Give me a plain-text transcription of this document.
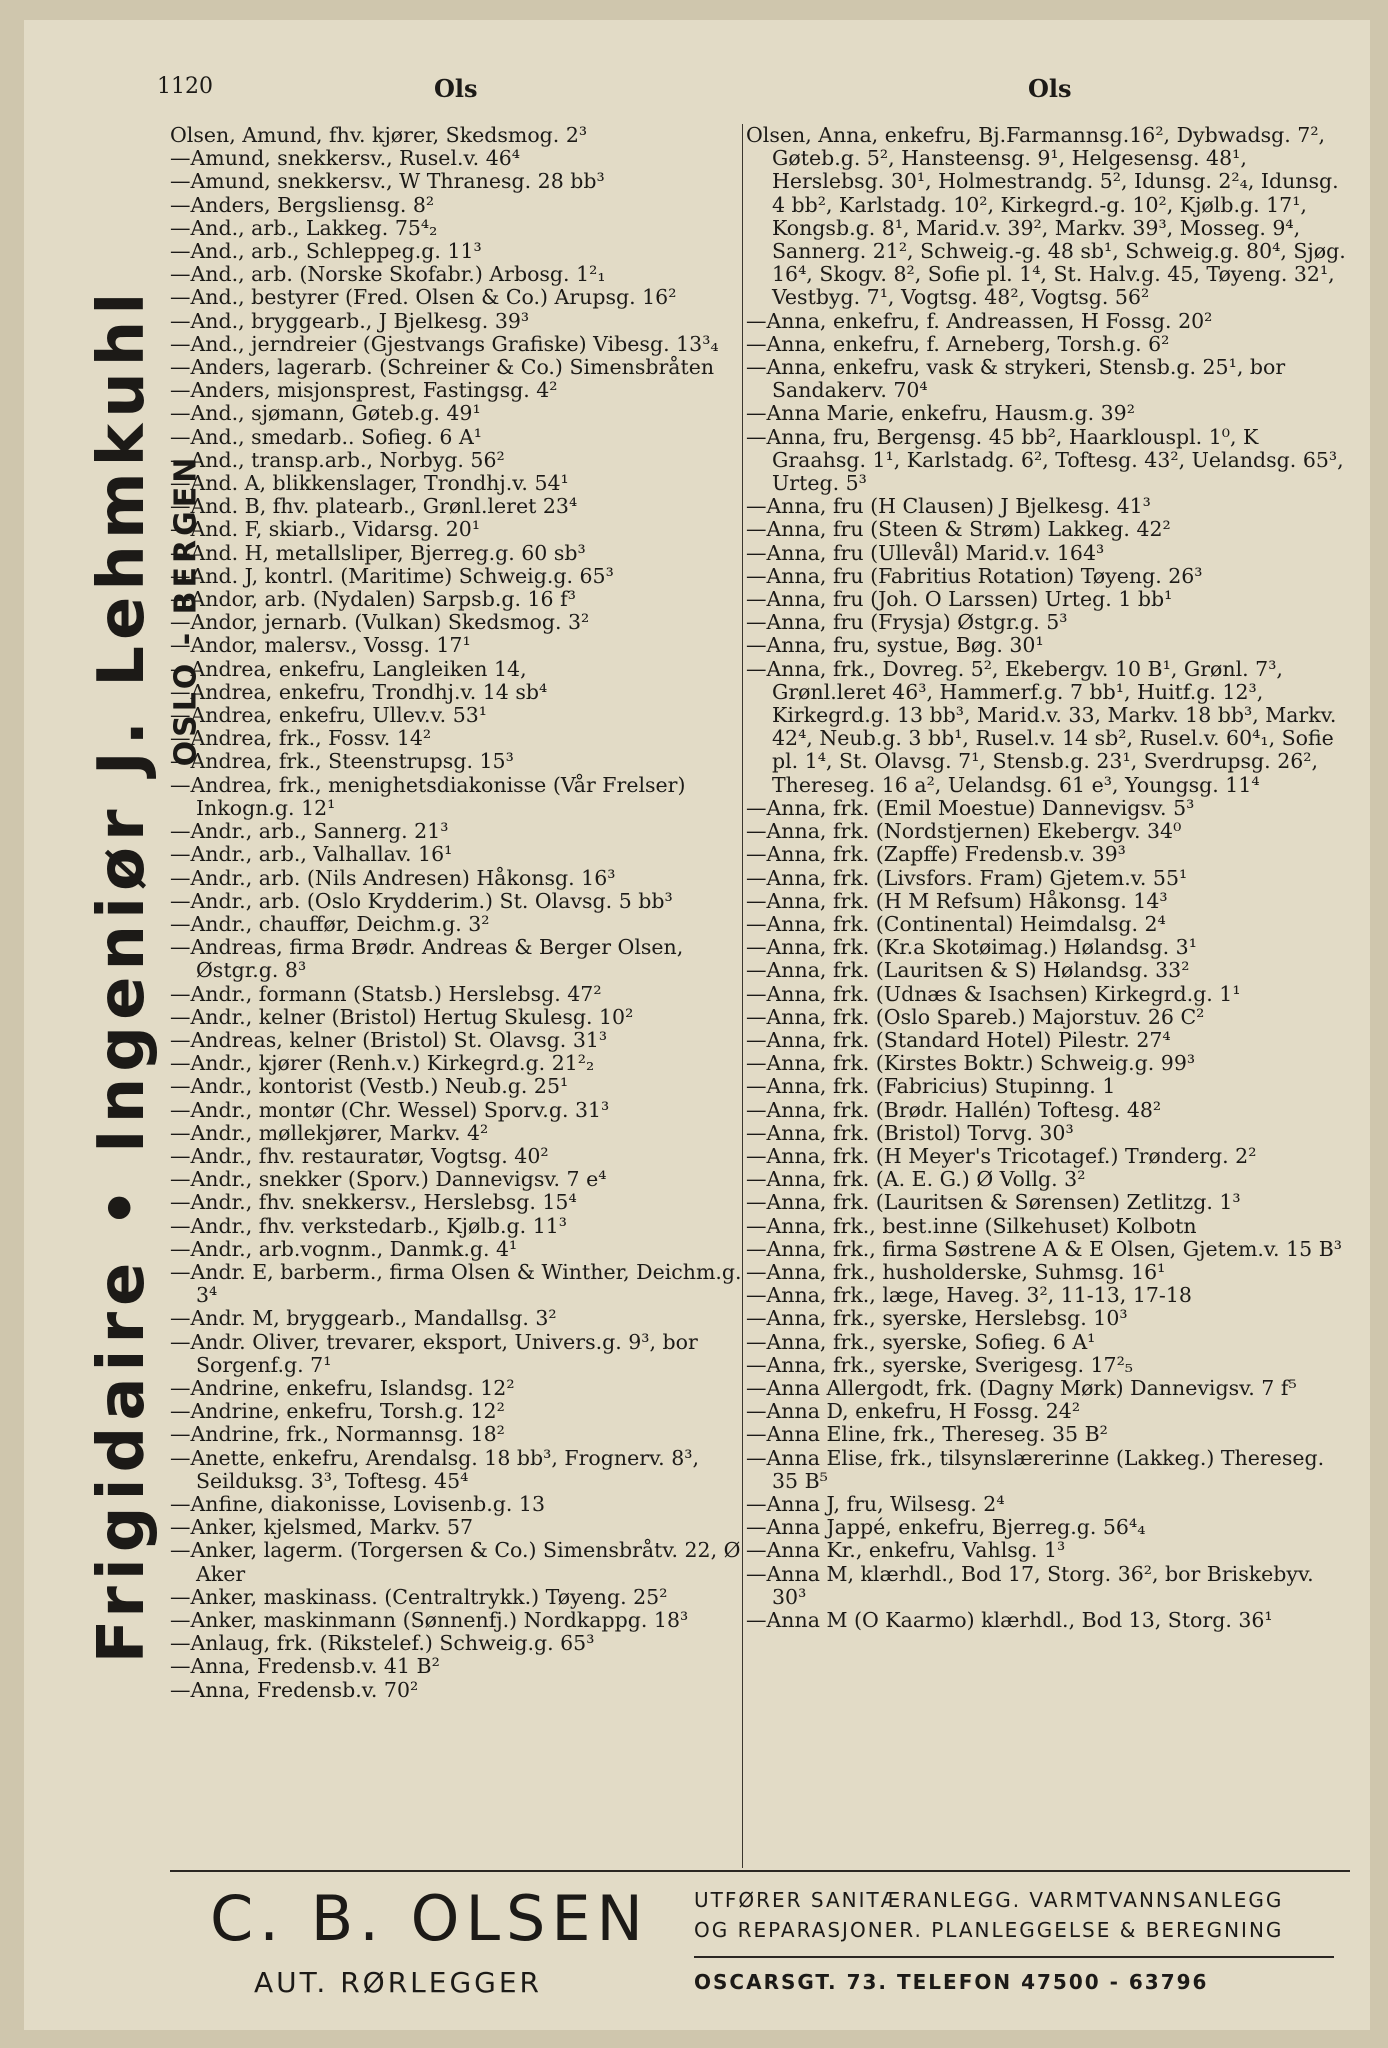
1120	Ols	Ols
Frigidaire • Ingeniør J. Lehmkuhl OSLO - BERGEN
Olsen, Amund, fhv. kjører, Skedsmog. 2³
—Amund, snekkersv., Rusel.v. 46⁴
—Amund, snekkersv., W Thranesg. 28 bb³
—Anders, Bergsliensg. 8²
—And., arb., Lakkeg. 75⁴₂
—And., arb., Schleppeg.g. 11³
—And., arb. (Norske Skofabr.) Arbosg. 1²₁
—And., bestyrer (Fred. Olsen & Co.) Arupsg. 16²
—And., bryggearb., J Bjelkesg. 39³
—And., jerndreier (Gjestvangs Grafiske) Vibesg. 13³₄
—Anders, lagerarb. (Schreiner & Co.) Simensbråten
—Anders, misjonsprest, Fastingsg. 4²
—And., sjømann, Gøteb.g. 49¹
—And., smedarb.. Sofieg. 6 A¹
—And., transp.arb., Norbyg. 56²
—And. A, blikkenslager, Trondhj.v. 54¹
—And. B, fhv. platearb., Grønl.leret 23⁴
—And. F, skiarb., Vidarsg. 20¹
—And. H, metallsliper, Bjerreg.g. 60 sb³
—And. J, kontrl. (Maritime) Schweig.g. 65³
—Andor, arb. (Nydalen) Sarpsb.g. 16 f³
—Andor, jernarb. (Vulkan) Skedsmog. 3²
—Andor, malersv., Vossg. 17¹
—Andrea, enkefru, Langleiken 14,
—Andrea, enkefru, Trondhj.v. 14 sb⁴
—Andrea, enkefru, Ullev.v. 53¹
—Andrea, frk., Fossv. 14²
—Andrea, frk., Steenstrupsg. 15³
—Andrea, frk., menighetsdiakonisse (Vår Frelser) Inkogn.g. 12¹
—Andr., arb., Sannerg. 21³
—Andr., arb., Valhallav. 16¹
—Andr., arb. (Nils Andresen) Håkonsg. 16³
—Andr., arb. (Oslo Krydderim.) St. Olavsg. 5 bb³
—Andr., chauffør, Deichm.g. 3²
—Andreas, firma Brødr. Andreas & Berger Olsen, Østgr.g. 8³
—Andr., formann (Statsb.) Herslebsg. 47²
—Andr., kelner (Bristol) Hertug Skulesg. 10²
—Andreas, kelner (Bristol) St. Olavsg. 31³
—Andr., kjører (Renh.v.) Kirkegrd.g. 21²₂
—Andr., kontorist (Vestb.) Neub.g. 25¹
—Andr., montør (Chr. Wessel) Sporv.g. 31³
—Andr., møllekjører, Markv. 4²
—Andr., fhv. restauratør, Vogtsg. 40²
—Andr., snekker (Sporv.) Dannevigsv. 7 e⁴
—Andr., fhv. snekkersv., Herslebsg. 15⁴
—Andr., fhv. verkstedarb., Kjølb.g. 11³
—Andr., arb.vognm., Danmk.g. 4¹
—Andr. E, barberm., firma Olsen & Winther, Deichm.g. 3⁴
—Andr. M, bryggearb., Mandallsg. 3²
—Andr. Oliver, trevarer, eksport, Univers.g. 9³, bor Sorgenf.g. 7¹
—Andrine, enkefru, Islandsg. 12²
—Andrine, enkefru, Torsh.g. 12²
—Andrine, frk., Normannsg. 18²
—Anette, enkefru, Arendalsg. 18 bb³, Frognerv. 8³, Seilduksg. 3³, Toftesg. 45⁴
—Anfine, diakonisse, Lovisenb.g. 13
—Anker, kjelsmed, Markv. 57
—Anker, lagerm. (Torgersen & Co.) Simensbråtv. 22, Ø Aker
—Anker, maskinass. (Centraltrykk.) Tøyeng. 25²
—Anker, maskinmann (Sønnenfj.) Nordkappg. 18³
—Anlaug, frk. (Rikstelef.) Schweig.g. 65³
—Anna, Fredensb.v. 41 B²
—Anna, Fredensb.v. 70²
Olsen, Anna, enkefru, Bj.Farmannsg.16², Dybwadsg. 7², Gøteb.g. 5², Hansteensg. 9¹, Helgesensg. 48¹, Herslebsg. 30¹, Holmestrandg. 5², Idunsg. 2²₄, Idunsg. 4 bb², Karlstadg. 10², Kirkegrd.-g. 10², Kjølb.g. 17¹, Kongsb.g. 8¹, Marid.v. 39², Markv. 39³, Mosseg. 9⁴, Sannerg. 21², Schweig.-g. 48 sb¹, Schweig.g. 80⁴, Sjøg. 16⁴, Skogv. 8², Sofie pl. 1⁴, St. Halv.g. 45, Tøyeng. 32¹, Vestbyg. 7¹, Vogtsg. 48², Vogtsg. 56²
—Anna, enkefru, f. Andreassen, H Fossg. 20²
—Anna, enkefru, f. Arneberg, Torsh.g. 6²
—Anna, enkefru, vask & strykeri, Stensb.g. 25¹, bor Sandakerv. 70⁴
—Anna Marie, enkefru, Hausm.g. 39²
—Anna, fru, Bergensg. 45 bb², Haarklouspl. 1⁰, K Graahsg. 1¹, Karlstadg. 6², Toftesg. 43², Uelandsg. 65³, Urteg. 5³
—Anna, fru (H Clausen) J Bjelkesg. 41³
—Anna, fru (Steen & Strøm) Lakkeg. 42²
—Anna, fru (Ullevål) Marid.v. 164³
—Anna, fru (Fabritius Rotation) Tøyeng. 26³
—Anna, fru (Joh. O Larssen) Urteg. 1 bb¹
—Anna, fru (Frysja) Østgr.g. 5³
—Anna, fru, systue, Bøg. 30¹
—Anna, frk., Dovreg. 5², Ekebergv. 10 B¹, Grønl. 7³, Grønl.leret 46³, Hammerf.g. 7 bb¹, Huitf.g. 12³, Kirkegrd.g. 13 bb³, Marid.v. 33, Markv. 18 bb³, Markv. 42⁴, Neub.g. 3 bb¹, Rusel.v. 14 sb², Rusel.v. 60⁴₁, Sofie pl. 1⁴, St. Olavsg. 7¹, Stensb.g. 23¹, Sverdrupsg. 26², Thereseg. 16 a², Uelandsg. 61 e³, Youngsg. 11⁴
—Anna, frk. (Emil Moestue) Dannevigsv. 5³
—Anna, frk. (Nordstjernen) Ekebergv. 34⁰
—Anna, frk. (Zapffe) Fredensb.v. 39³
—Anna, frk. (Livsfors. Fram) Gjetem.v. 55¹
—Anna, frk. (H M Refsum) Håkonsg. 14³
—Anna, frk. (Continental) Heimdalsg. 2⁴
—Anna, frk. (Kr.a Skotøimag.) Hølandsg. 3¹
—Anna, frk. (Lauritsen & S) Hølandsg. 33²
—Anna, frk. (Udnæs & Isachsen) Kirkegrd.g. 1¹
—Anna, frk. (Oslo Spareb.) Majorstuv. 26 C²
—Anna, frk. (Standard Hotel) Pilestr. 27⁴
—Anna, frk. (Kirstes Boktr.) Schweig.g. 99³
—Anna, frk. (Fabricius) Stupinng. 1
—Anna, frk. (Brødr. Hallén) Toftesg. 48²
—Anna, frk. (Bristol) Torvg. 30³
—Anna, frk. (H Meyer's Tricotagef.) Trønderg. 2²
—Anna, frk. (A. E. G.) Ø Vollg. 3²
—Anna, frk. (Lauritsen & Sørensen) Zetlitzg. 1³
—Anna, frk., best.inne (Silkehuset) Kolbotn
—Anna, frk., firma Søstrene A & E Olsen, Gjetem.v. 15 B³
—Anna, frk., husholderske, Suhmsg. 16¹
—Anna, frk., læge, Haveg. 3², 11-13, 17-18
—Anna, frk., syerske, Herslebsg. 10³
—Anna, frk., syerske, Sofieg. 6 A¹
—Anna, frk., syerske, Sverigesg. 17²₅
—Anna Allergodt, frk. (Dagny Mørk) Dannevigsv. 7 f⁵
—Anna D, enkefru, H Fossg. 24²
—Anna Eline, frk., Thereseg. 35 B²
—Anna Elise, frk., tilsynslærerinne (Lakkeg.) Thereseg. 35 B⁵
—Anna J, fru, Wilsesg. 2⁴
—Anna Jappé, enkefru, Bjerreg.g. 56⁴₄
—Anna Kr., enkefru, Vahlsg. 1³
—Anna M, klærhdl., Bod 17, Storg. 36², bor Briskebyv. 30³
—Anna M (O Kaarmo) klærhdl., Bod 13, Storg. 36¹
C. B. OLSEN
AUT. RØRLEGGER
UTFØRER SANITÆRANLEGG. VARMTVANNSANLEGG
OG REPARASJONER. PLANLEGGELSE & BEREGNING
OSCARSGT. 73. TELEFON 47500 - 63796
